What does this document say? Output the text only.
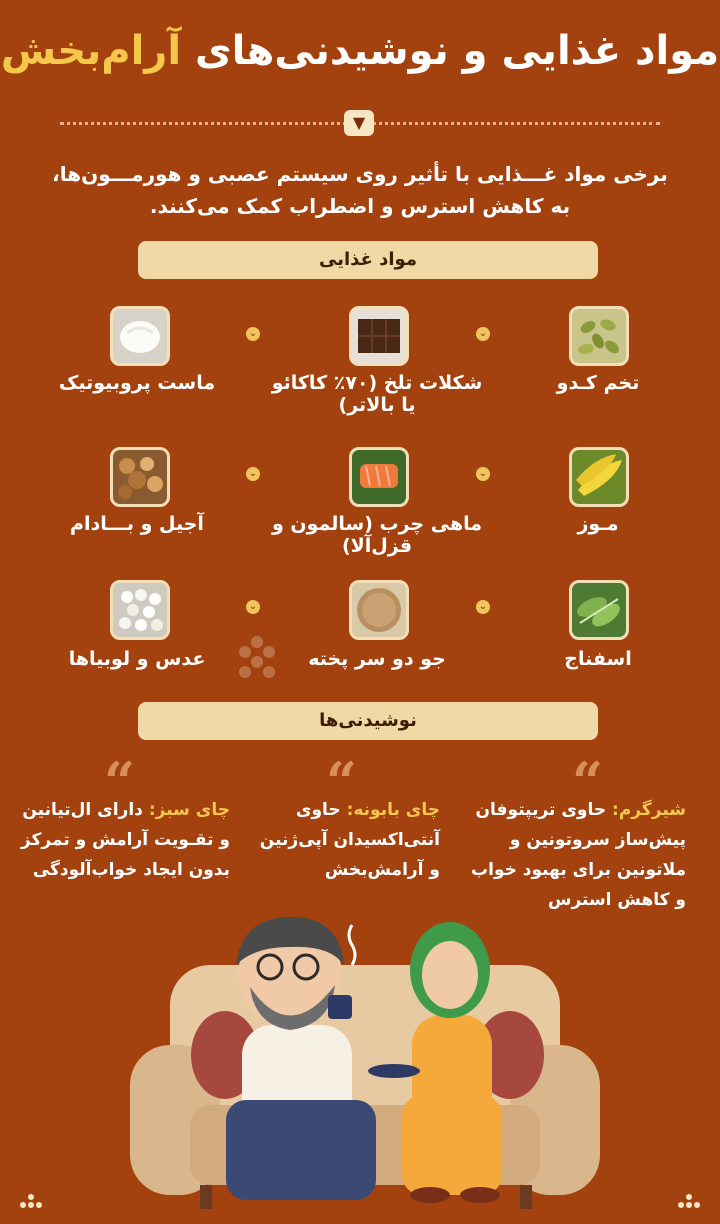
مواد غذایی و نوشیدنی‌های آرام‌بخش
▼
برخی مواد غـــذایی با تأثیر روی سیستم عصبی و هورمـــون‌ها، به کاهش استرس و اضطراب کمک می‌کنند.
مواد غذایی
تخم کـدو
⌄
شکلات تلخ (۷۰٪ کاکائو یا بالاتر)
⌄
ماست پروبیوتیک
مـوز
⌄
ماهی چرب (سالمون و قزل‌آلا)
⌄
آجیل و بـــادام
اسفناج
⌄
جو دو سر پخته
⌄
عدس و لوبیاها
نوشیدنی‌ها
“
“
“	شیرگرم: حاوی تریپتوفان پیش‌ساز سروتونین و ملاتونین برای بهبود خواب و کاهش استرس
چای بابونه: حاوی آنتی‌اکسیدان آپی‌ژنین و آرامش‌بخش
چای سبز: دارای ال‌تیانین و تقـویت آرامش و تمرکز بدون ایجاد خواب‌آلودگی
